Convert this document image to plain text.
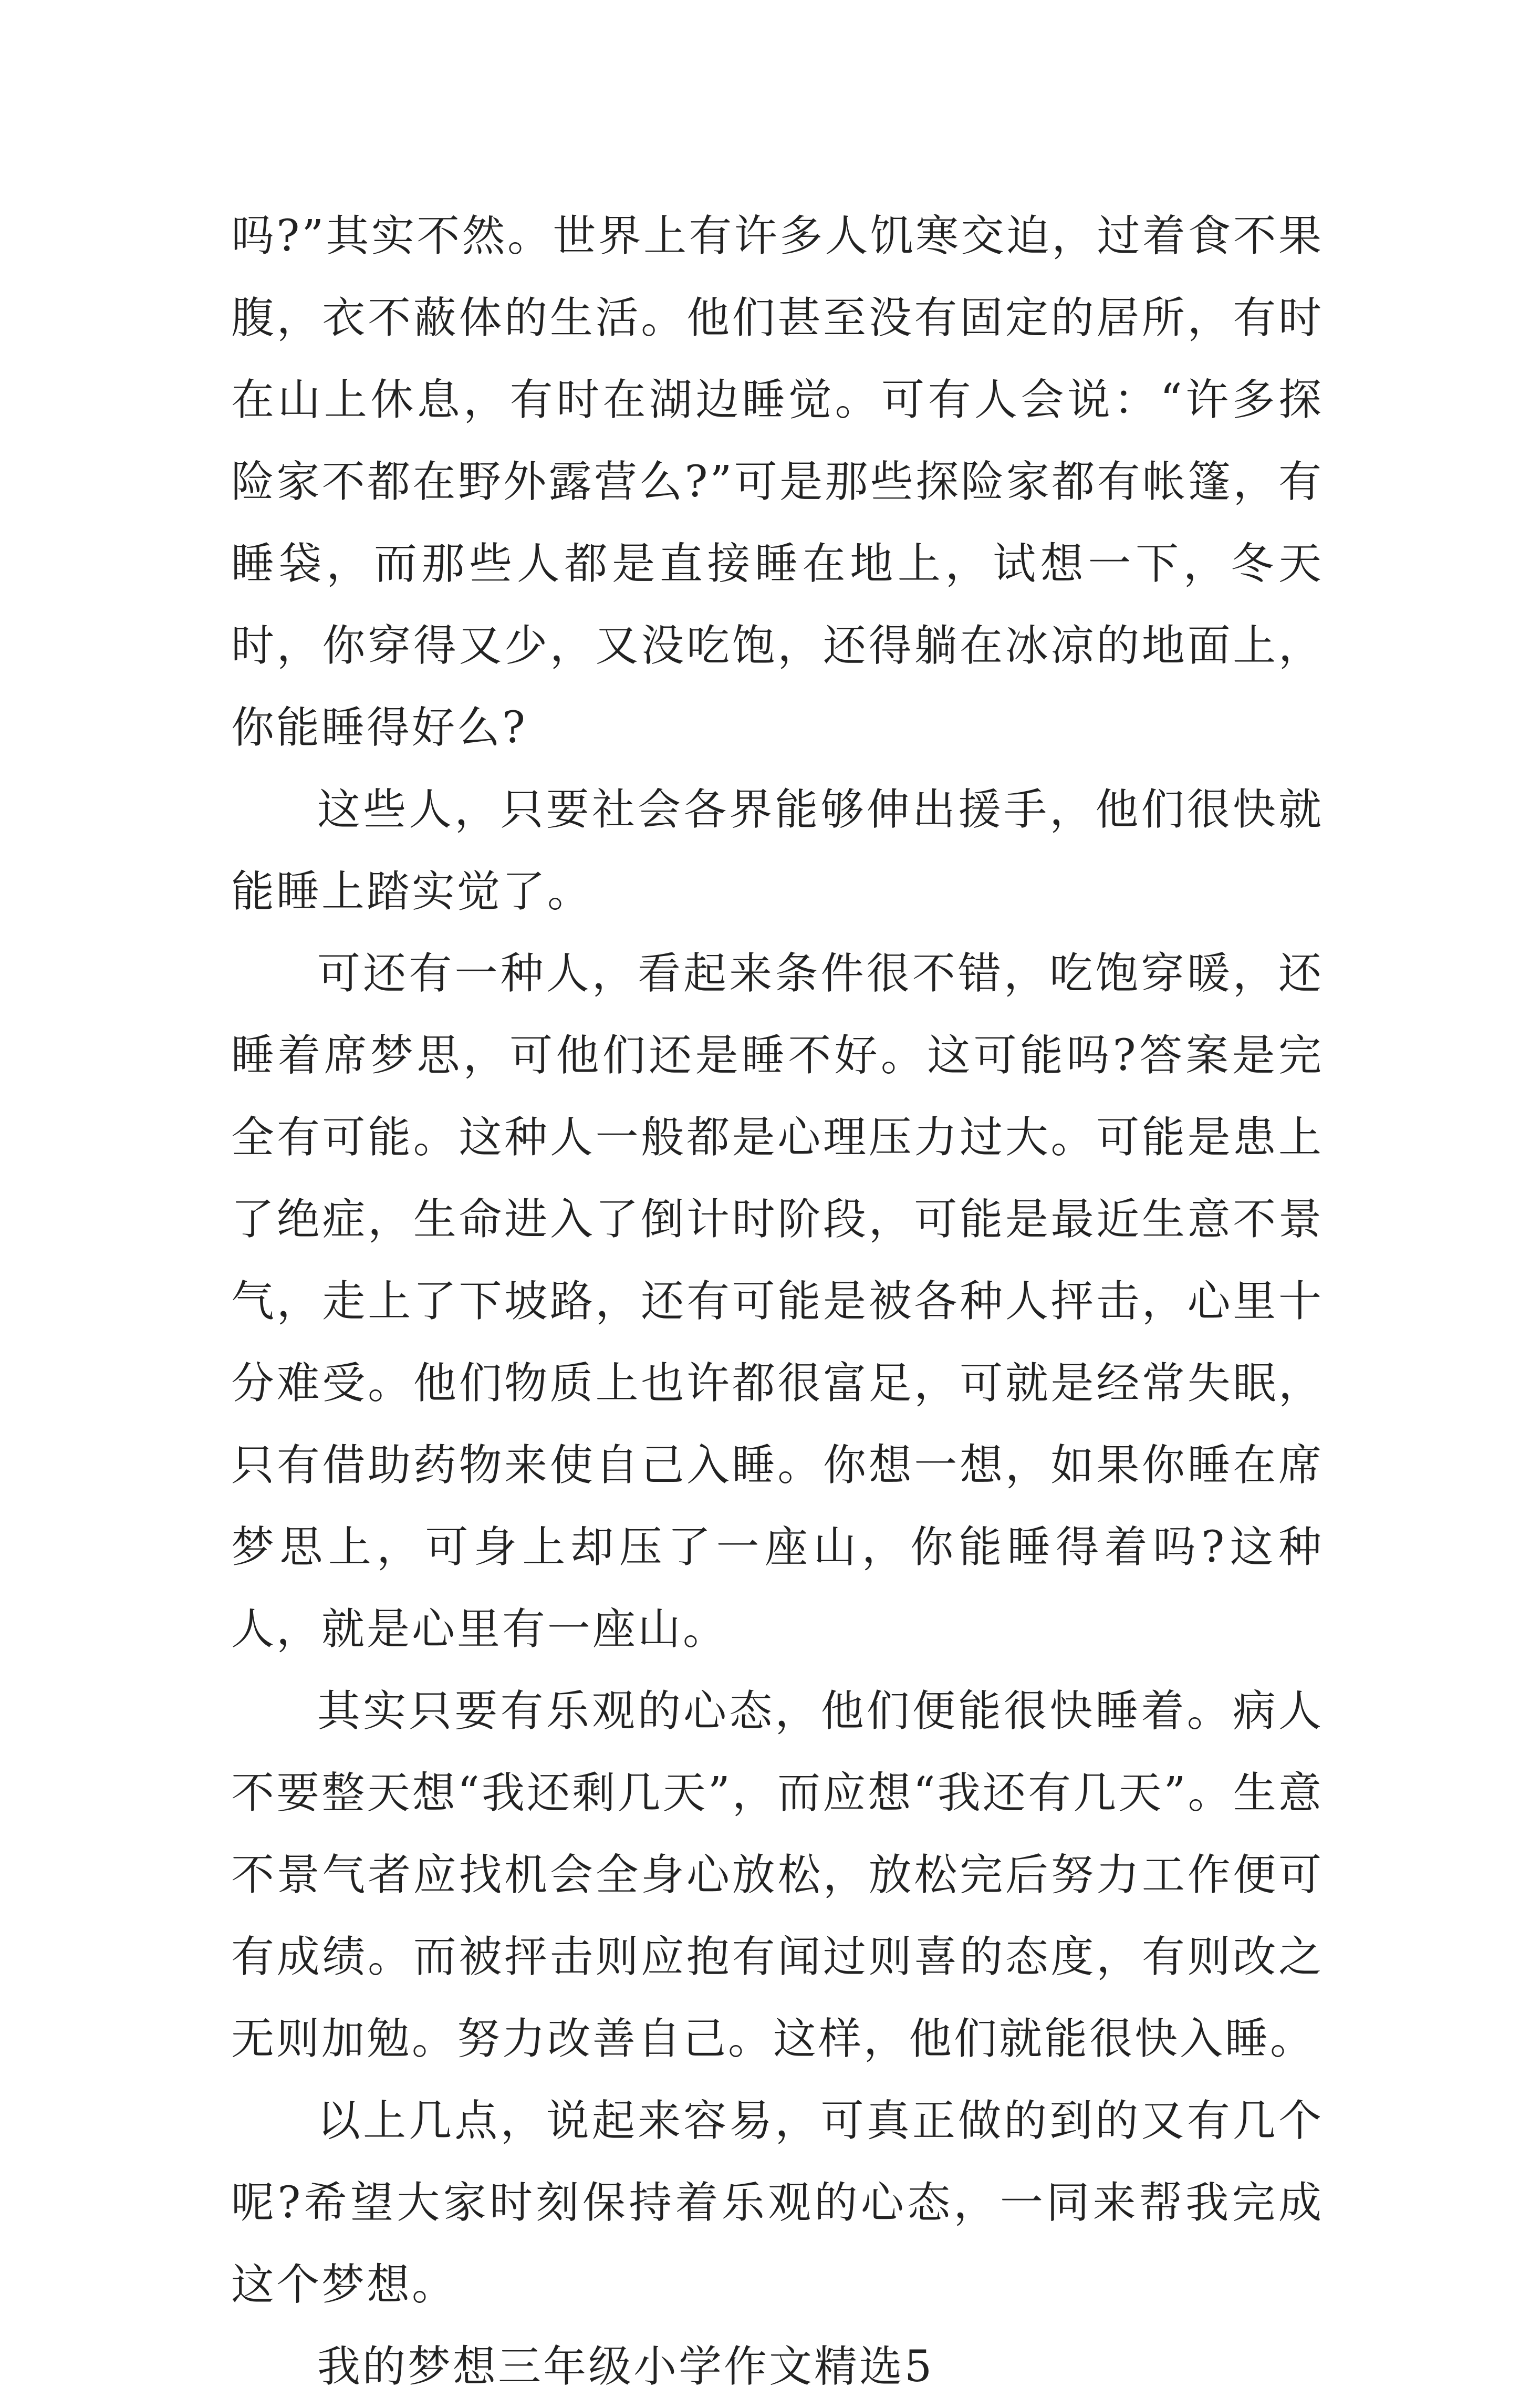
吗?”其实不然。世界上有许多人饥寒交迫，过着食不果腹，衣不蔽体的生活。他们甚至没有固定的居所，有时在山上休息，有时在湖边睡觉。可有人会说：“许多探险家不都在野外露营么?”可是那些探险家都有帐篷，有睡袋，而那些人都是直接睡在地上，试想一下，冬天时，你穿得又少，又没吃饱，还得躺在冰凉的地面上，你能睡得好么?

这些人，只要社会各界能够伸出援手，他们很快就能睡上踏实觉了。

可还有一种人，看起来条件很不错，吃饱穿暖，还睡着席梦思，可他们还是睡不好。这可能吗?答案是完全有可能。这种人一般都是心理压力过大。可能是患上了绝症，生命进入了倒计时阶段，可能是最近生意不景气，走上了下坡路，还有可能是被各种人抨击，心里十分难受。他们物质上也许都很富足，可就是经常失眠，只有借助药物来使自己入睡。你想一想，如果你睡在席梦思上，可身上却压了一座山，你能睡得着吗?这种人，就是心里有一座山。

其实只要有乐观的心态，他们便能很快睡着。病人不要整天想“我还剩几天”，而应想“我还有几天”。生意不景气者应找机会全身心放松，放松完后努力工作便可有成绩。而被抨击则应抱有闻过则喜的态度，有则改之无则加勉。努力改善自己。这样，他们就能很快入睡。

以上几点，说起来容易，可真正做的到的又有几个呢?希望大家时刻保持着乐观的心态，一同来帮我完成这个梦想。

我的梦想三年级小学作文精选5
